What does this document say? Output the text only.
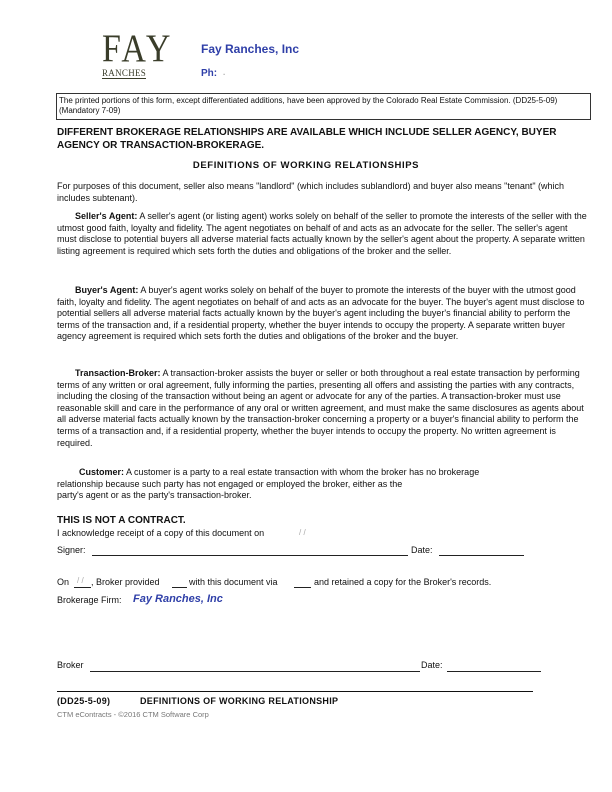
FAY
RANCHES
Fay Ranches, Inc
Ph: .
The printed portions of this form, except differentiated additions, have been approved by the Colorado Real Estate Commission. (DD25-5-09) (Mandatory 7-09)
DIFFERENT BROKERAGE RELATIONSHIPS ARE AVAILABLE WHICH INCLUDE SELLER AGENCY, BUYER AGENCY OR TRANSACTION-BROKERAGE.
DEFINITIONS OF WORKING RELATIONSHIPS
For purposes of this document, seller also means "landlord" (which includes sublandlord) and buyer also means "tenant" (which includes subtenant).
Seller's Agent: A seller's agent (or listing agent) works solely on behalf of the seller to promote the interests of the seller with the utmost good faith, loyalty and fidelity. The agent negotiates on behalf of and acts as an advocate for the seller. The seller's agent must disclose to potential buyers all adverse material facts actually known by the seller's agent about the property. A separate written listing agreement is required which sets forth the duties and obligations of the broker and the seller.
Buyer's Agent: A buyer's agent works solely on behalf of the buyer to promote the interests of the buyer with the utmost good faith, loyalty and fidelity. The agent negotiates on behalf of and acts as an advocate for the buyer. The buyer's agent must disclose to potential sellers all adverse material facts actually known by the buyer's agent including the buyer's financial ability to perform the terms of the transaction and, if a residential property, whether the buyer intends to occupy the property. A separate written buyer agency agreement is required which sets forth the duties and obligations of the broker and the buyer.
Transaction-Broker: A transaction-broker assists the buyer or seller or both throughout a real estate transaction by performing terms of any written or oral agreement, fully informing the parties, presenting all offers and assisting the parties with any contracts, including the closing of the transaction without being an agent or advocate for any of the parties. A transaction-broker must use reasonable skill and care in the performance of any oral or written agreement, and must make the same disclosures as agents about all adverse material facts actually known by the transaction-broker concerning a property or a buyer's financial ability to perform the terms of a transaction and, if a residential property, whether the buyer intends to occupy the property. No written agreement is required.
Customer: A customer is a party to a real estate transaction with whom the broker has no brokerage
relationship because such party has not engaged or employed the broker, either as the
party's agent or as the party's transaction-broker.
THIS IS NOT A CONTRACT.
I acknowledge receipt of a copy of this document on	/ /
Signer:	Date:
On / / , Broker provided	with this document via	and retained a copy for the Broker's records.
Brokerage Firm: Fay Ranches, Inc
Broker	Date:
(DD25-5-09)	DEFINITIONS OF WORKING RELATIONSHIP
CTM eContracts - ©2016 CTM Software Corp
